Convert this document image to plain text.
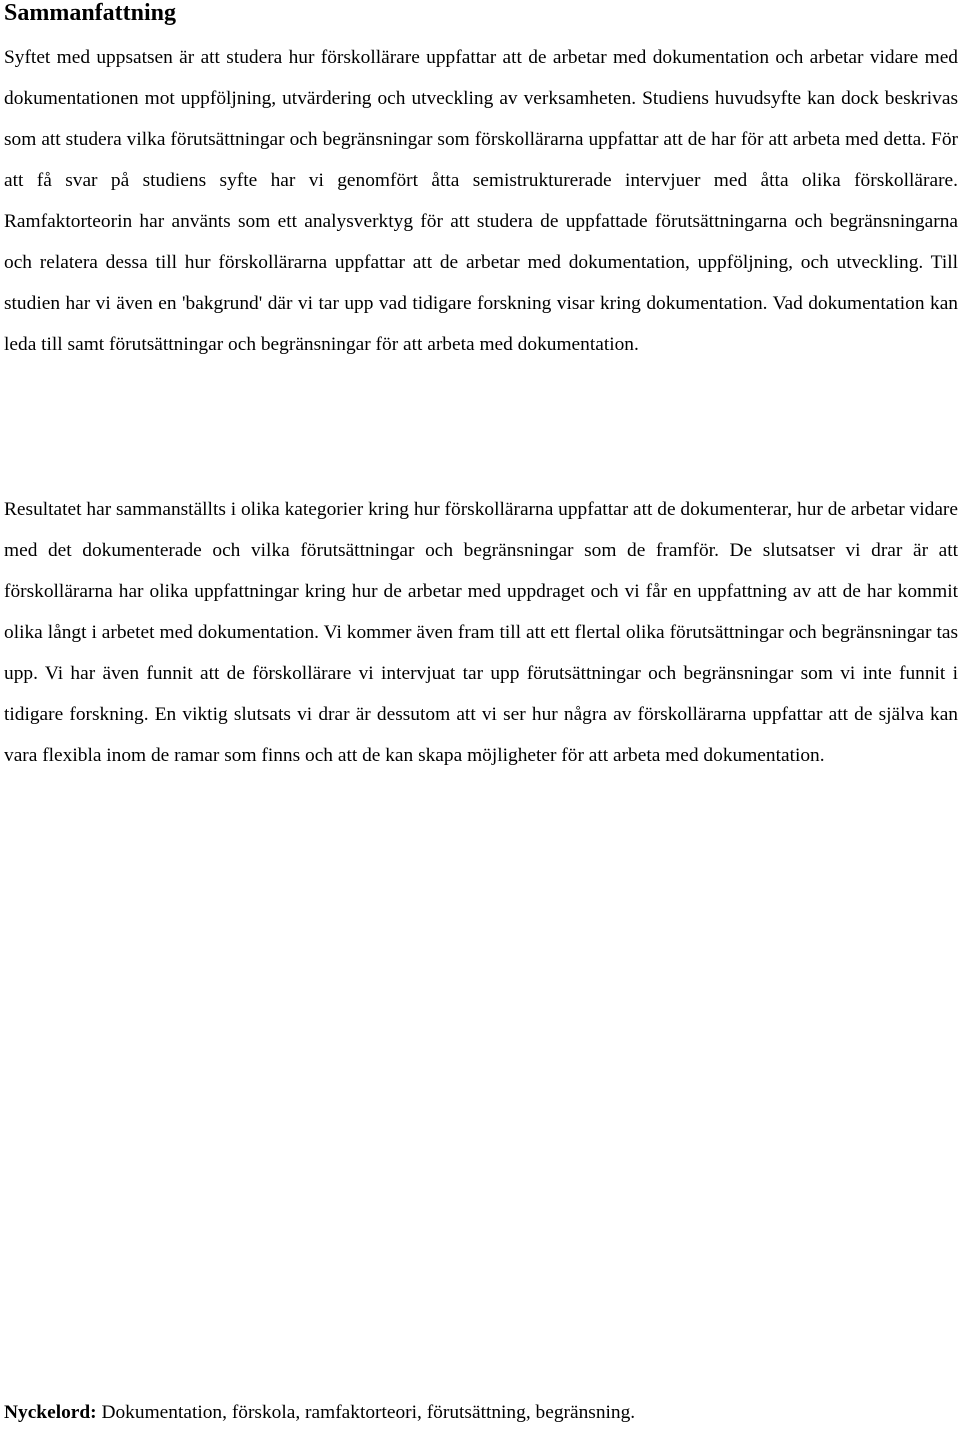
Sammanfattning

Syftet med uppsatsen är att studera hur förskollärare uppfattar att de arbetar med dokumentation och arbetar vidare med dokumentationen mot uppföljning, utvärdering och utveckling av verksamheten. Studiens huvudsyfte kan dock beskrivas som att studera vilka förutsättningar och begränsningar som förskollärarna uppfattar att de har för att arbeta med detta. För att få svar på studiens syfte har vi genomfört åtta semistrukturerade intervjuer med åtta olika förskollärare. Ramfaktorteorin har använts som ett analysverktyg för att studera de uppfattade förutsättningarna och begränsningarna och relatera dessa till hur förskollärarna uppfattar att de arbetar med dokumentation, uppföljning, och utveckling. Till studien har vi även en 'bakgrund' där vi tar upp vad tidigare forskning visar kring dokumentation. Vad dokumentation kan leda till samt förutsättningar och begränsningar för att arbeta med dokumentation.

Resultatet har sammanställts i olika kategorier kring hur förskollärarna uppfattar att de dokumenterar, hur de arbetar vidare med det dokumenterade och vilka förutsättningar och begränsningar som de framför. De slutsatser vi drar är att förskollärarna har olika uppfattningar kring hur de arbetar med uppdraget och vi får en uppfattning av att de har kommit olika långt i arbetet med dokumentation. Vi kommer även fram till att ett flertal olika förutsättningar och begränsningar tas upp. Vi har även funnit att de förskollärare vi intervjuat tar upp förutsättningar och begränsningar som vi inte funnit i tidigare forskning. En viktig slutsats vi drar är dessutom att vi ser hur några av förskollärarna uppfattar att de själva kan vara flexibla inom de ramar som finns och att de kan skapa möjligheter för att arbeta med dokumentation.

Nyckelord: Dokumentation, förskola, ramfaktorteori, förutsättning, begränsning.
